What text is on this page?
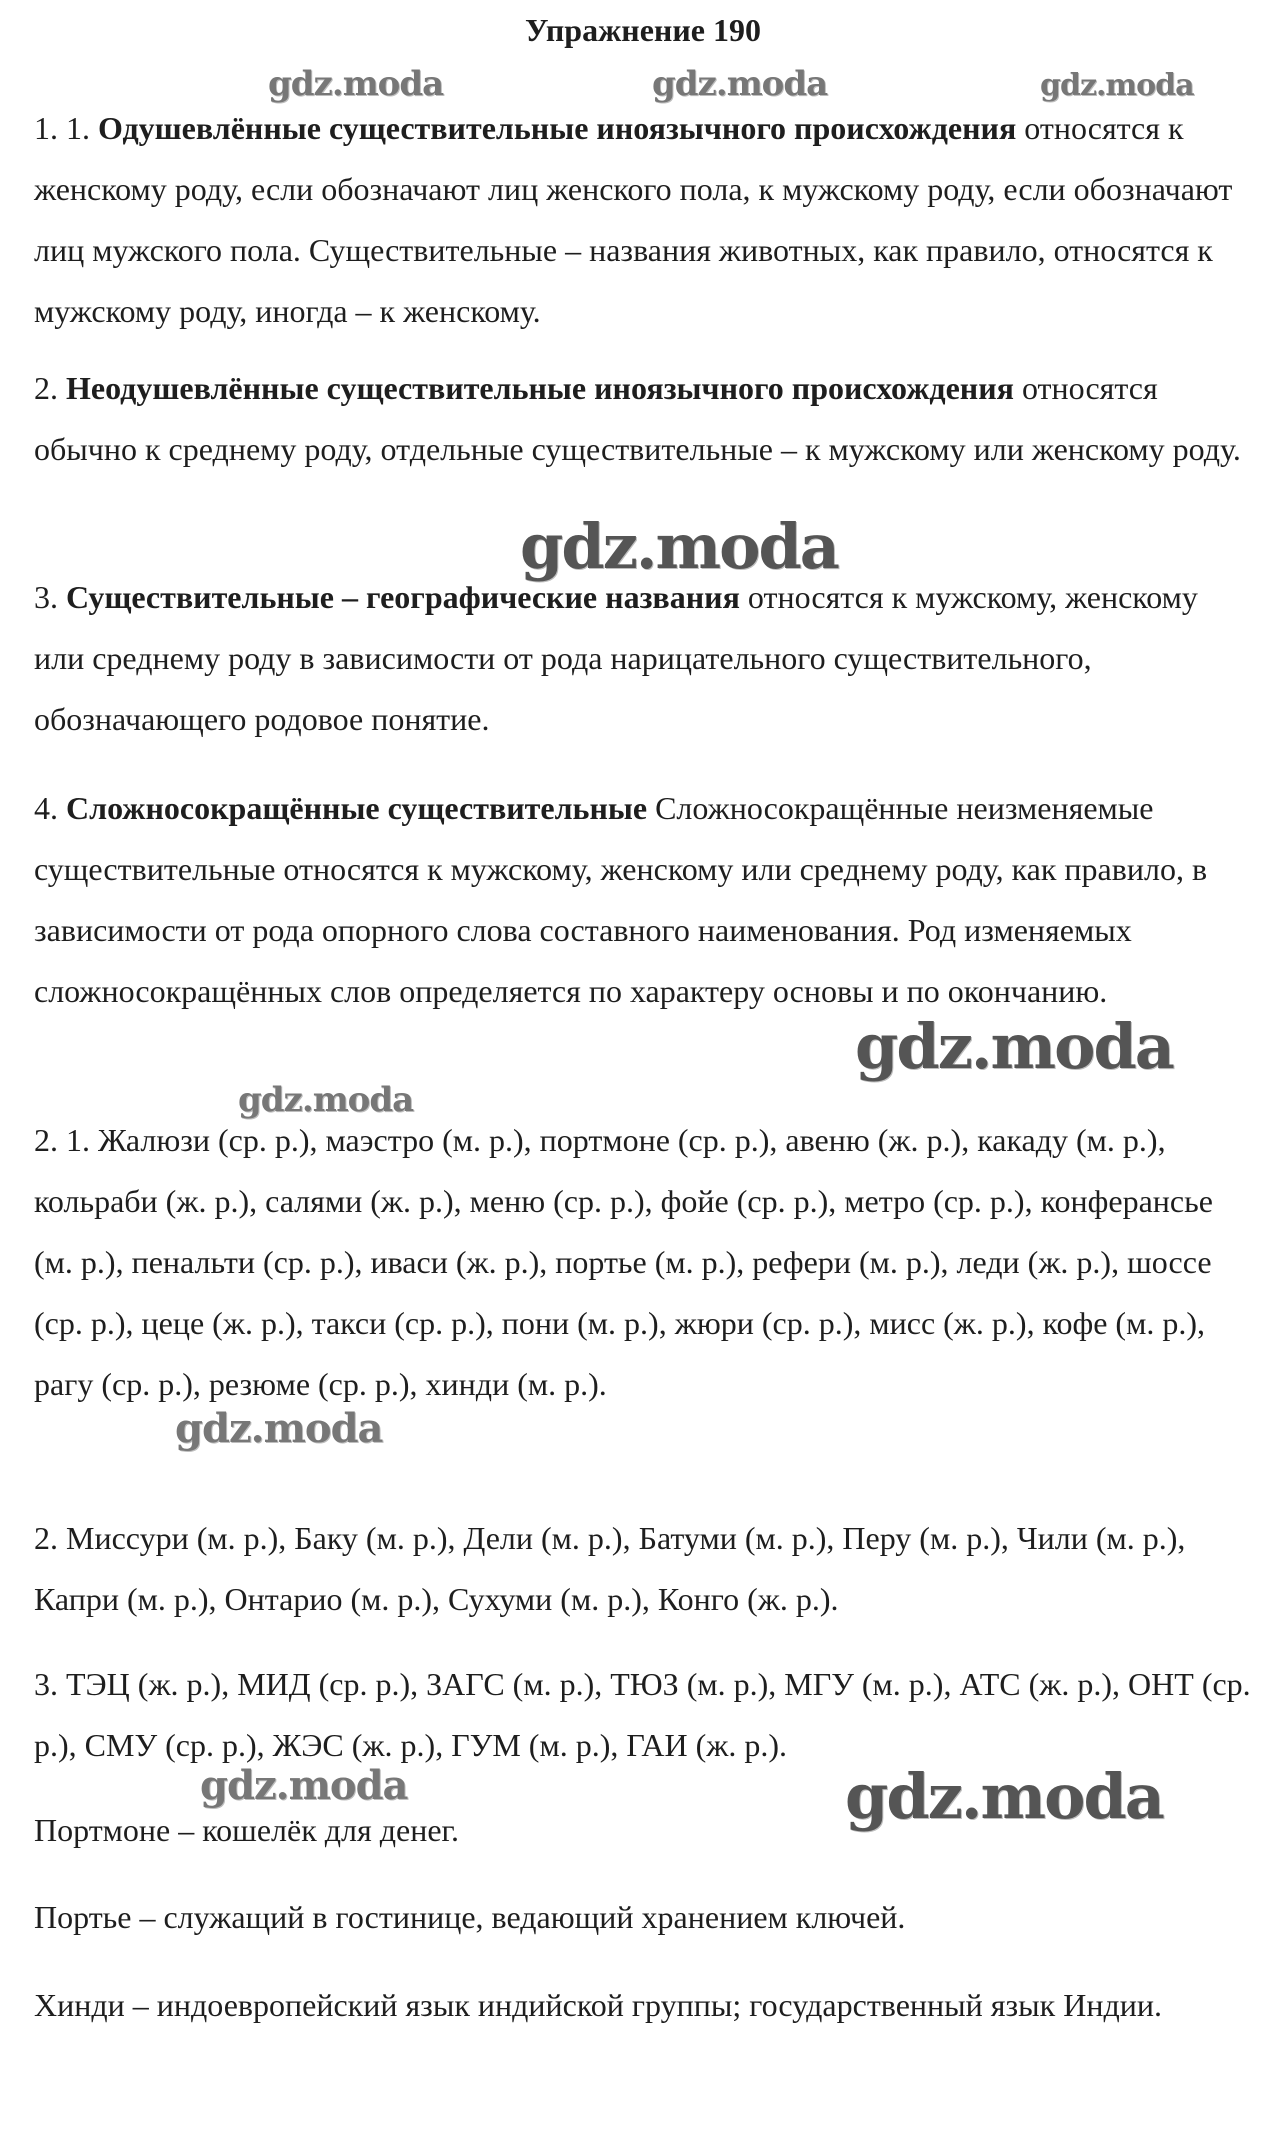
Упражнение 190

1. 1. Одушевлённые существительные иноязычного происхождения относятся к женскому роду, если обозначают лиц женского пола, к мужскому роду, если обозначают лиц мужского пола. Существительные – названия животных, как правило, относятся к мужскому роду, иногда – к женскому.

2. Неодушевлённые существительные иноязычного происхождения относятся обычно к среднему роду, отдельные существительные – к мужскому или женскому роду.

3. Существительные – географические названия относятся к мужскому, женскому или среднему роду в зависимости от рода нарицательного существительного, обозначающего родовое понятие.

4. Сложносокращённые существительные Сложносокращённые неизменяемые существительные относятся к мужскому, женскому или среднему роду, как правило, в зависимости от рода опорного слова составного наименования. Род изменяемых сложносокращённых слов определяется по характеру основы и по окончанию.

2. 1. Жалюзи (ср. р.), маэстро (м. р.), портмоне (ср. р.), авеню (ж. р.), какаду (м. р.), кольраби (ж. р.), салями (ж. р.), меню (ср. р.), фойе (ср. р.), метро (ср. р.), конферансье (м. р.), пенальти (ср. р.), иваси (ж. р.), портье (м. р.), рефери (м. р.), леди (ж. р.), шоссе (ср. р.), цеце (ж. р.), такси (ср. р.), пони (м. р.), жюри (ср. р.), мисс (ж. р.), кофе (м. р.), рагу (ср. р.), резюме (ср. р.), хинди (м. р.).

2. Миссури (м. р.), Баку (м. р.), Дели (м. р.), Батуми (м. р.), Перу (м. р.), Чили (м. р.), Капри (м. р.), Онтарио (м. р.), Сухуми (м. р.), Конго (ж. р.).

3. ТЭЦ (ж. р.), МИД (ср. р.), ЗАГС (м. р.), ТЮЗ (м. р.), МГУ (м. р.), АТС (ж. р.), ОНТ (ср. р.), СМУ (ср. р.), ЖЭС (ж. р.), ГУМ (м. р.), ГАИ (ж. р.).

Портмоне – кошелёк для денег.

Портье – служащий в гостинице, ведающий хранением ключей.

Хинди – индоевропейский язык индийской группы; государственный язык Индии.

gdz.moda	gdz.moda	gdz.moda
gdz.moda
gdz.moda
gdz.moda
gdz.moda
gdz.moda	gdz.moda
